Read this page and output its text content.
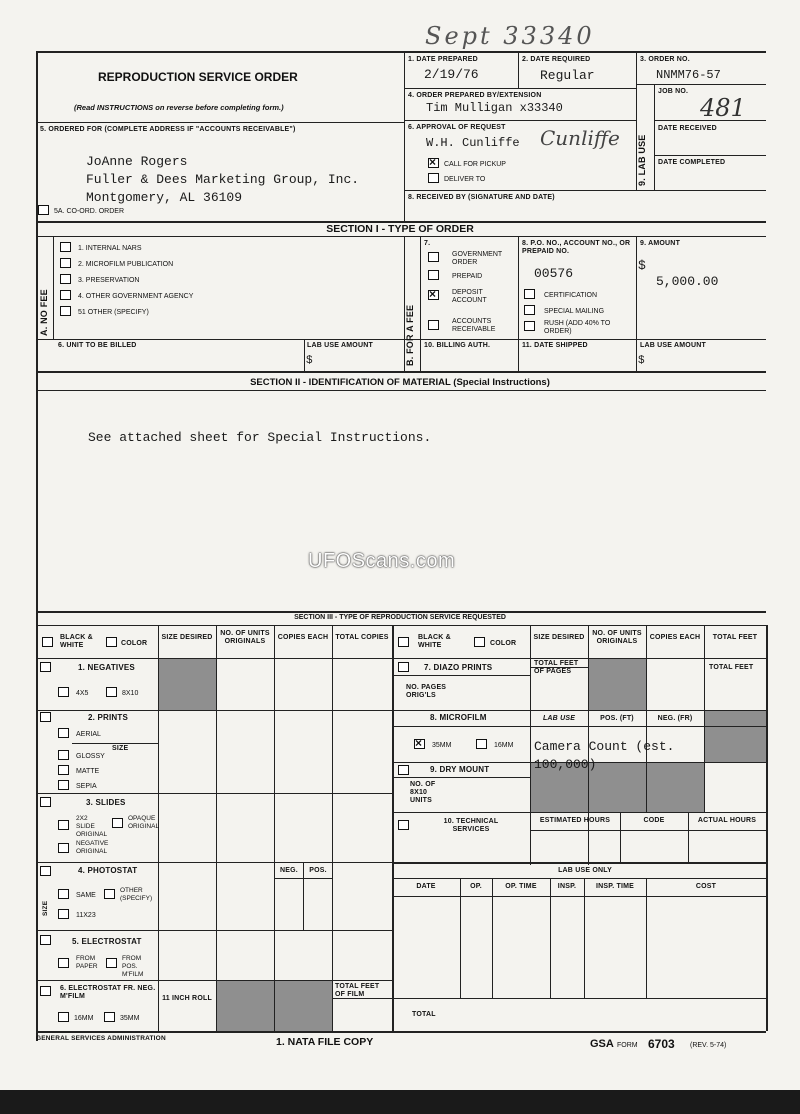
Sept 33340
REPRODUCTION SERVICE ORDER
(Read INSTRUCTIONS on reverse before completing form.)
1. DATE PREPARED
2/19/76
2. DATE REQUIRED
Regular
3. ORDER NO.
NNMM76-57
4. ORDER PREPARED BY/EXTENSION
Tim Mulligan x33340
5. ORDERED FOR (COMPLETE ADDRESS IF "ACCOUNTS RECEIVABLE")
JoAnne Rogers
Fuller & Dees Marketing Group, Inc.
Montgomery, AL 36109
5A. CO-ORD. ORDER
6. APPROVAL OF REQUEST
W.H. Cunliffe Cunliffe
× CALL FOR PICKUP
DELIVER TO
8. RECEIVED BY (SIGNATURE AND DATE)
9. LAB USE
JOB NO.
481
DATE RECEIVED
DATE COMPLETED
SECTION I - TYPE OF ORDER
A. NO FEE
1. INTERNAL NARS
2. MICROFILM PUBLICATION
3. PRESERVATION
4. OTHER GOVERNMENT AGENCY
51 OTHER (SPECIFY)	B. FOR A FEE
7.
GOVERNMENT ORDER
PREPAID
× DEPOSIT ACCOUNT
ACCOUNTS RECEIVABLE
8. P.O. NO., ACCOUNT NO., OR PREPAID NO.
00576
CERTIFICATION
SPECIAL MAILING
RUSH (ADD 40% TO ORDER)
9. AMOUNT
$
5,000.00
6. UNIT TO BE BILLED	LAB USE AMOUNT
$
10. BILLING AUTH.	11. DATE SHIPPED	LAB USE AMOUNT
$
SECTION II - IDENTIFICATION OF MATERIAL (Special Instructions)
See attached sheet for Special Instructions.
UFOScans.com
SECTION III - TYPE OF REPRODUCTION SERVICE REQUESTED
BLACK & WHITE	COLOR
SIZE DESIRED
NO. OF UNITS ORIGINALS
COPIES EACH TOTAL COPIES
1. NEGATIVES
4X5	8X10
2. PRINTS
AERIAL
SIZE
GLOSSY
MATTE
SEPIA
3. SLIDES
2X2 SLIDE ORIGINAL
OPAQUE ORIGINAL
NEGATIVE ORIGINAL
4. PHOTOSTAT
SIZE
SAME
OTHER (SPECIFY)
11X23
NEG.	POS.
5. ELECTROSTAT
FROM PAPER
FROM POS. M'FILM
6. ELECTROSTAT FR. NEG. M'FILM	11 INCH ROLL
16MM	35MM
TOTAL FEET OF FILM
BLACK & WHITE	COLOR
SIZE DESIRED
NO. OF UNITS ORIGINALS
COPIES EACH	TOTAL FEET
7. DIAZO PRINTS	TOTAL FEET OF PAGES
TOTAL FEET
NO. PAGES ORIG'LS
8. MICROFILM	LAB USE	POS. (FT)	NEG. (FR)
× 35MM	16MM Camera Count (est. 100,000)
9. DRY MOUNT
NO. OF 8X10 UNITS
10. TECHNICAL SERVICES
ESTIMATED HOURS	CODE	ACTUAL HOURS
LAB USE ONLY
DATE	OP.	OP. TIME	INSP.	INSP. TIME	COST
TOTAL
GENERAL SERVICES ADMINISTRATION	1. NATA FILE COPY	GSA FORM 6703 (REV. 5-74)
